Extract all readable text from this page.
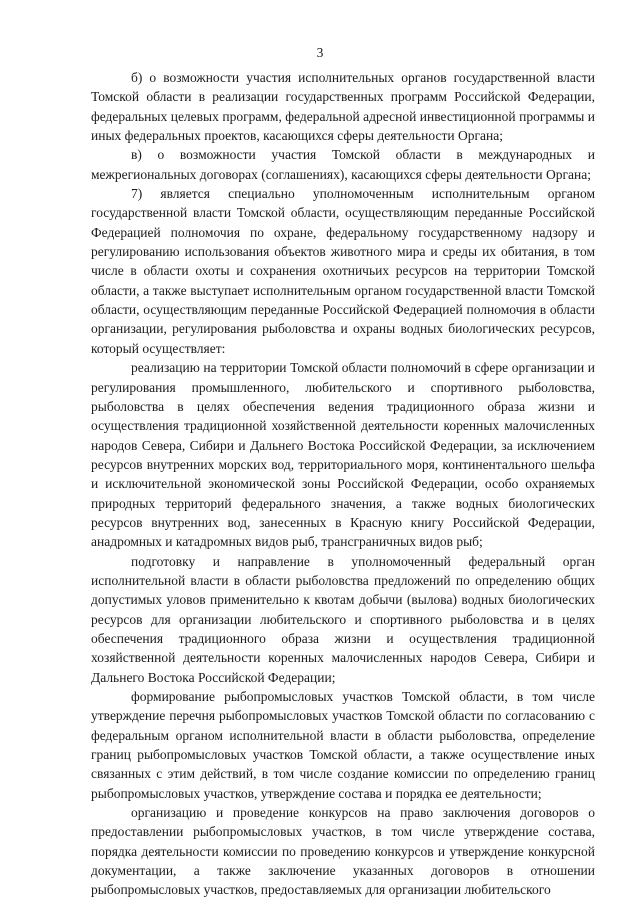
3

б) о возможности участия исполнительных органов государственной власти Томской области в реализации государственных программ Российской Федерации, федеральных целевых программ, федеральной адресной инвестиционной программы и иных федеральных проектов, касающихся сферы деятельности Органа;

в) о возможности участия Томской области в международных и межрегиональных договорах (соглашениях), касающихся сферы деятельности Органа;

7) является специально уполномоченным исполнительным органом государственной власти Томской области, осуществляющим переданные Российской Федерацией полномочия по охране, федеральному государственному надзору и регулированию использования объектов животного мира и среды их обитания, в том числе в области охоты и сохранения охотничьих ресурсов на территории Томской области, а также выступает исполнительным органом государственной власти Томской области, осуществляющим переданные Российской Федерацией полномочия в области организации, регулирования рыболовства и охраны водных биологических ресурсов, который осуществляет:

реализацию на территории Томской области полномочий в сфере организации и регулирования промышленного, любительского и спортивного рыболовства, рыболовства в целях обеспечения ведения традиционного образа жизни и осуществления традиционной хозяйственной деятельности коренных малочисленных народов Севера, Сибири и Дальнего Востока Российской Федерации, за исключением ресурсов внутренних морских вод, территориального моря, континентального шельфа и исключительной экономической зоны Российской Федерации, особо охраняемых природных территорий федерального значения, а также водных биологических ресурсов внутренних вод, занесенных в Красную книгу Российской Федерации, анадромных и катадромных видов рыб, трансграничных видов рыб;

подготовку и направление в уполномоченный федеральный орган исполнительной власти в области рыболовства предложений по определению общих допустимых уловов применительно к квотам добычи (вылова) водных биологических ресурсов для организации любительского и спортивного рыболовства и в целях обеспечения традиционного образа жизни и осуществления традиционной хозяйственной деятельности коренных малочисленных народов Севера, Сибири и Дальнего Востока Российской Федерации;

формирование рыбопромысловых участков Томской области, в том числе утверждение перечня рыбопромысловых участков Томской области по согласованию с федеральным органом исполнительной власти в области рыболовства, определение границ рыбопромысловых участков Томской области, а также осуществление иных связанных с этим действий, в том числе создание комиссии по определению границ рыбопромысловых участков, утверждение состава и порядка ее деятельности;

организацию и проведение конкурсов на право заключения договоров о предоставлении рыбопромысловых участков, в том числе утверждение состава, порядка деятельности комиссии по проведению конкурсов и утверждение конкурсной документации, а также заключение указанных договоров в отношении рыбопромысловых участков, предоставляемых для организации любительского
